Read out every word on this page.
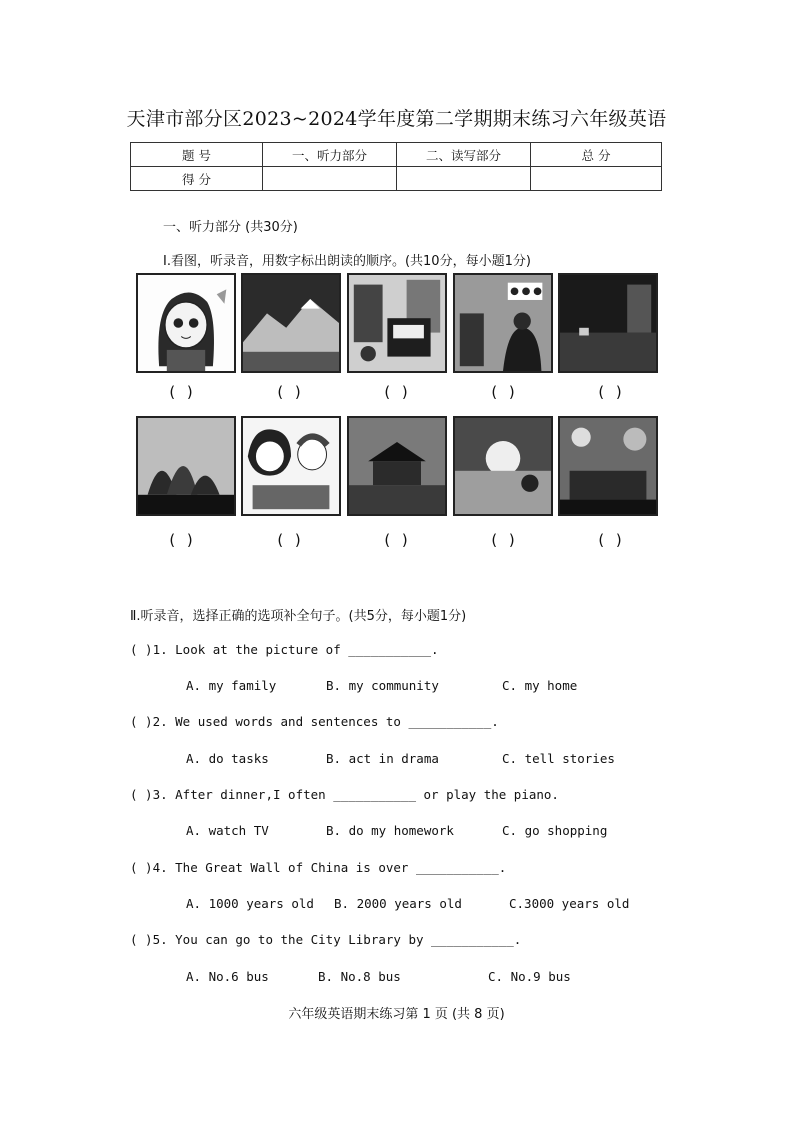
天津市部分区2023~2024学年度第二学期期末练习六年级英语
题 号	一、听力部分	二、读写部分	总 分
得 分			
一、听力部分 (共30分)
I.看图，听录音，用数字标出朗读的顺序。(共10分，每小题1分)
( )	( )	( )	( )	( )
( )	( )	( )	( )	( )
Ⅱ.听录音，选择正确的选项补全句子。(共5分，每小题1分)
( )1. Look at the picture of ___________.
A. my family	B. my community	C. my home
( )2. We used words and sentences to ___________.
A. do tasks	B. act in drama	C. tell stories
( )3. After dinner,I often ___________ or play the piano.
A. watch TV	B. do my homework	C. go shopping
( )4. The Great Wall of China is over ___________.
A. 1000 years old B. 2000 years old	C.3000 years old
( )5. You can go to the City Library by ___________.
A. No.6 bus	B. No.8 bus	C. No.9 bus
六年级英语期末练习第 1 页 (共 8 页)
